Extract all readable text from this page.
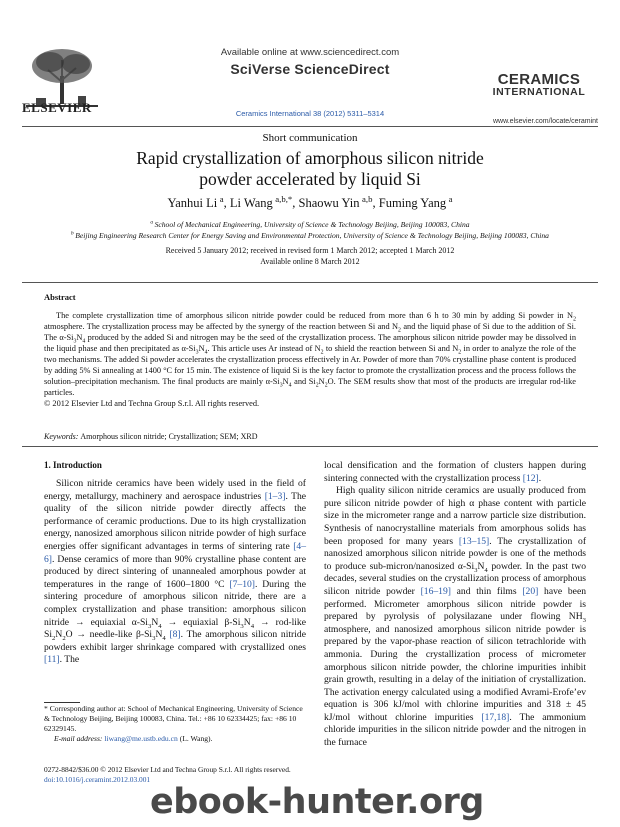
ELSEVIER
Available online at www.sciencedirect.com
SciVerse ScienceDirect
Ceramics International 38 (2012) 5311–5314
CERAMICS
INTERNATIONAL
www.elsevier.com/locate/ceramint
Short communication
Rapid crystallization of amorphous silicon nitride
powder accelerated by liquid Si
Yanhui Li  $^a$, Li Wang  $^{a,b,*}$, Shaowu Yin  $^{a,b}$, Fuming Yang  $^a$
$^a$  School of Mechanical Engineering, University of Science & Technology Beijing, Beijing 100083, China
$^b$  Beijing Engineering Research Center for Energy Saving and Environmental Protection, University of Science & Technology Beijing, Beijing 100083, China
Received 5 January 2012; received in revised form 1 March 2012; accepted 1 March 2012
Available online 8 March 2012
Abstract
The complete crystallization time of amorphous silicon nitride powder could be reduced from more than 6 h to 30 min by adding Si powder in $N_2$ atmosphere. The crystallization process may be affected by the synergy of the reaction between Si and $N_2$ and the liquid phase of Si due to the addition of Si. The $\alpha-Si_3N_4$ produced by the added Si and nitrogen may be the seed of the crystallization process. The amorphous silicon nitride powder may be dissolved in the liquid phase and then precipitated as $\alpha-Si_3N_4$. This article uses Ar instead of $N_2$ to shield the reaction between Si and $N_2$ in order to analyze the role of the two mechanisms. The added Si powder accelerates the crystallization process effectively in Ar. Powder of more than 70% crystalline phase content is produced by adding 5% Si annealing at 1400 °C for 15 min. The existence of liquid Si is the key factor to promote the crystallization process and the process follows the solution–precipitation mechanism. The final products are mainly $\alpha-Si_3N_4$ and $Si_2N_2O$. The SEM results show that most of the products are irregular rod-like particles.
© 2012 Elsevier Ltd and Techna Group S.r.l. All rights reserved.
Keywords: Amorphous silicon nitride; Crystallization; SEM; XRD
1. Introduction

Silicon nitride ceramics have been widely used in the field of energy, metallurgy, machinery and aerospace industries [1–3]. The quality of the silicon nitride powder directly affects the performance of ceramic productions. Due to its high crystallization energy, nanosized amorphous silicon nitride powder of high surface energies offer significant advantages in terms of sintering rate [4–6]. Dense ceramics of more than 90% crystalline phase content are produced by direct sintering of unannealed amorphous powder at temperatures in the range of 1600–1800 °C [7–10]. During the sintering procedure of amorphous silicon nitride, there are a complex crystallization and phase transition: amorphous silicon nitride → equiaxial $\alpha-Si_3N_4$ → equiaxial $\beta-Si_3N_4$ → rod-like $Si_2N_2O$ → needle-like $\beta-Si_3N_4$ [8]. The amorphous silicon nitride powders exhibit larger shrinkage compared with crystallized ones [11]. The

local densification and the formation of clusters happen during sintering connected with the crystallization process [12].

High quality silicon nitride ceramics are usually produced from pure silicon nitride powder of high α phase content with particle size in the micrometer range and a narrow particle size distribution. Synthesis of nanocrystalline materials from amorphous solids has been proposed for many years [13–15]. The crystallization of nanosized amorphous silicon nitride powder is one of the methods to produce sub-micron/nanosized $\alpha-Si_3N_4$ powder. In the past two decades, several studies on the crystallization process of amorphous silicon nitride powder [16–19] and thin films [20] have been performed. Micrometer amorphous silicon nitride powder is prepared by pyrolysis of polysilazane under flowing $NH_3$ atmosphere, and nanosized amorphous silicon nitride powder is prepared by the vapor-phase reaction of silicon tetrachloride with ammonia. During the crystallization process of micrometer amorphous silicon nitride powder, the chlorine impurities inhibit grain growth, resulting in a delay of the initiation of crystallization. The activation energy calculated using a modified Avrami-Erofe’ev equation is 306 kJ/mol with chlorine impurities and 318 ± 45 kJ/mol without chlorine impurities [17,18]. The ammonium chloride impurities in the silicon nitride powder and the nitrogen in the furnace

* Corresponding author at: School of Mechanical Engineering, University of Science & Technology Beijing, Beijing 100083, China. Tel.: +86 10 62334425; fax: +86 10 62329145.
E-mail address: liwang@me.ustb.edu.cn (L. Wang).
0272-8842/$36.00 © 2012 Elsevier Ltd and Techna Group S.r.l. All rights reserved.
doi:10.1016/j.ceramint.2012.03.001
ebook-hunter.org
